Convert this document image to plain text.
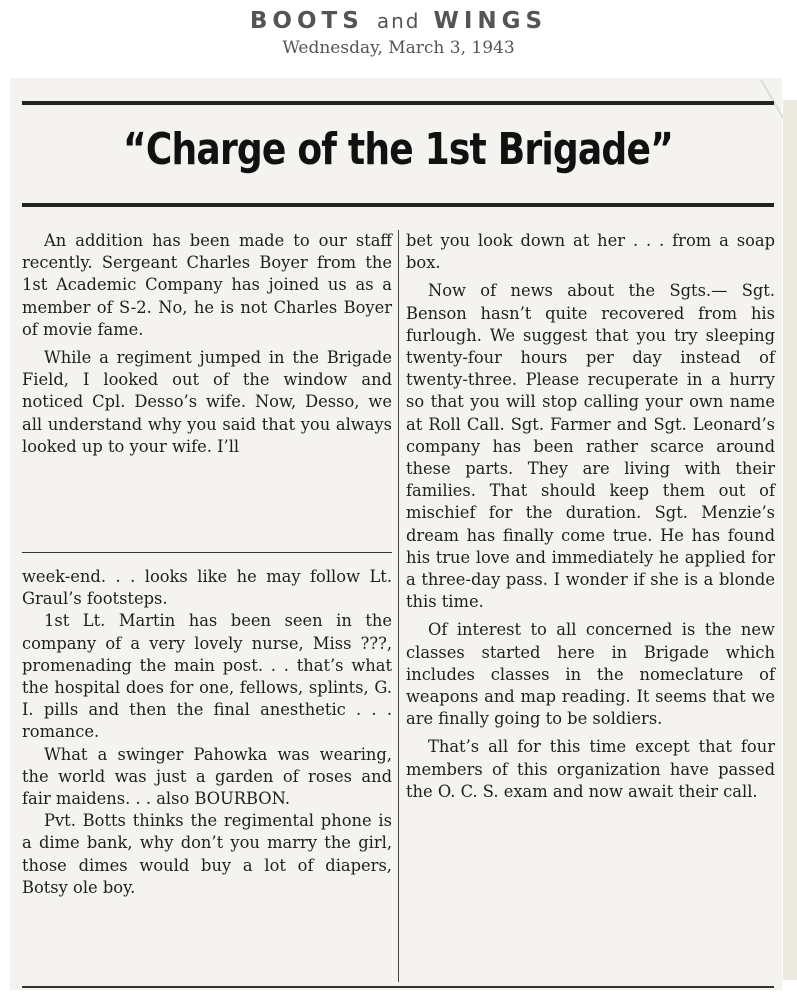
BOOTS and WINGS
Wednesday, March 3, 1943
“Charge of the 1st Brigade”

An addition has been made to our staff recently. Sergeant Charles Boyer from the 1st Academic Company has joined us as a member of S-2. No, he is not Charles Boyer of movie fame.

While a regiment jumped in the Brigade Field, I looked out of the window and noticed Cpl. Desso’s wife. Now, Desso, we all understand why you said that you always looked up to your wife. I’ll

week-end. . . looks like he may follow Lt. Graul’s footsteps.

1st Lt. Martin has been seen in the company of a very lovely nurse, Miss ???, promenading the main post. . . that’s what the hospital does for one, fellows, splints, G. I. pills and then the final anesthetic . . . romance.

What a swinger Pahowka was wearing, the world was just a garden of roses and fair maidens. . . also BOURBON.

Pvt. Botts thinks the regimental phone is a dime bank, why don’t you marry the girl, those dimes would buy a lot of diapers, Botsy ole boy.

bet you look down at her . . . from a soap box.

Now of news about the Sgts.— Sgt. Benson hasn’t quite recovered from his furlough. We suggest that you try sleeping twenty-four hours per day instead of twenty-three. Please recuperate in a hurry so that you will stop calling your own name at Roll Call. Sgt. Farmer and Sgt. Leonard’s company has been rather scarce around these parts. They are living with their families. That should keep them out of mischief for the duration. Sgt. Menzie’s dream has finally come true. He has found his true love and immediately he applied for a three-day pass. I wonder if she is a blonde this time.

Of interest to all concerned is the new classes started here in Brigade which includes classes in the nomeclature of weapons and map reading. It seems that we are finally going to be soldiers.

That’s all for this time except that four members of this organization have passed the O. C. S. exam and now await their call.
